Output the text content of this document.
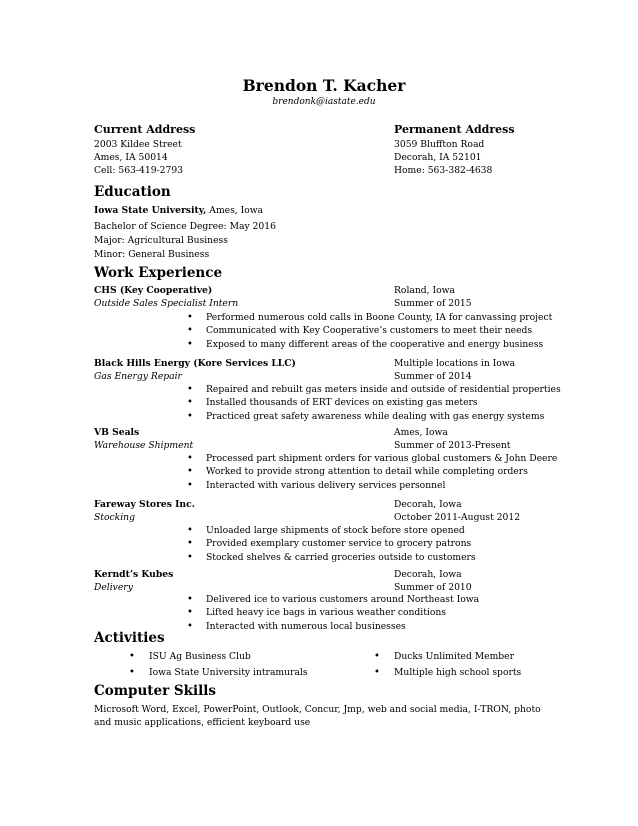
Brendon T. Kacher
brendonk@iastate.edu
Current Address
2003 Kildee Street
Ames, IA 50014
Cell: 563-419-2793
Permanent Address
3059 Bluffton Road
Decorah, IA 52101
Home: 563-382-4638
Education
Iowa State University, Ames, Iowa
Bachelor of Science Degree: May 2016
Major: Agricultural Business
Minor: General Business
Work Experience
CHS (Key Cooperative)
Outside Sales Specialist Intern
Roland, Iowa
Summer of 2015
• Performed numerous cold calls in Boone County, IA for canvassing project
• Communicated with Key Cooperative’s customers to meet their needs
• Exposed to many different areas of the cooperative and energy business
Black Hills Energy (Kore Services LLC)
Gas Energy Repair
Multiple locations in Iowa
Summer of 2014
• Repaired and rebuilt gas meters inside and outside of residential properties
• Installed thousands of ERT devices on existing gas meters
• Practiced great safety awareness while dealing with gas energy systems
VB Seals
Warehouse Shipment
Ames, Iowa
Summer of 2013-Present
• Processed part shipment orders for various global customers & John Deere
• Worked to provide strong attention to detail while completing orders
• Interacted with various delivery services personnel
Fareway Stores Inc.
Stocking
Decorah, Iowa
October 2011-August 2012
• Unloaded large shipments of stock before store opened
• Provided exemplary customer service to grocery patrons
• Stocked shelves & carried groceries outside to customers
Kerndt’s Kubes
Delivery
Decorah, Iowa
Summer of 2010
• Delivered ice to various customers around Northeast Iowa
• Lifted heavy ice bags in various weather conditions
• Interacted with numerous local businesses
Activities
• ISU Ag Business Club
• Iowa State University intramurals
• Ducks Unlimited Member
• Multiple high school sports
Computer Skills
Microsoft Word, Excel, PowerPoint, Outlook, Concur, Jmp, web and social media, I-TRON, photo and music applications, efficient keyboard use
